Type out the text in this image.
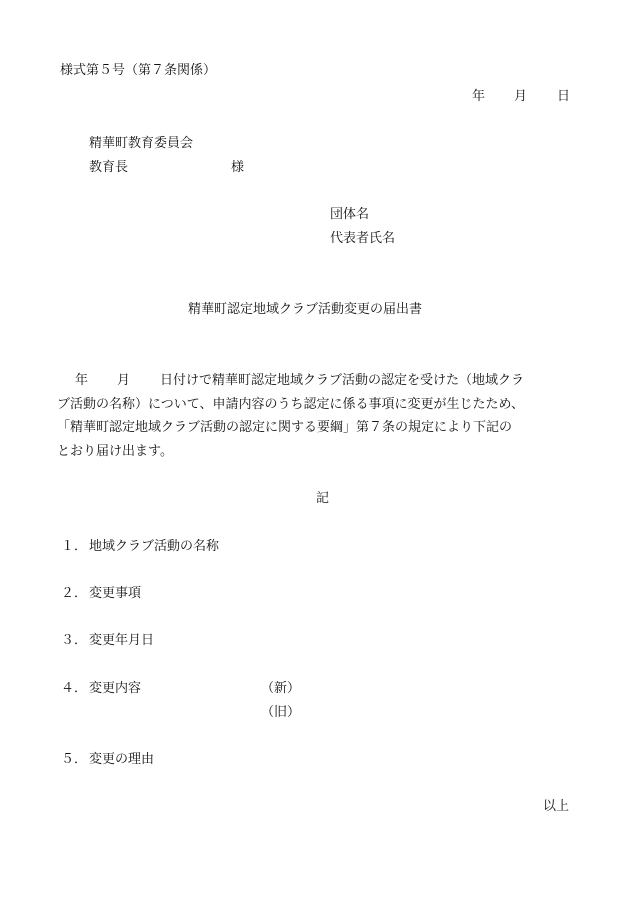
様式第５号（第７条関係）
年 月 日
精華町教育委員会
教育長	様
団体名
代表者氏名
精華町認定地域クラブ活動変更の届出書
年 月 日付けで精華町認定地域クラブ活動の認定を受けた（地域クラ
ブ活動の名称）について、申請内容のうち認定に係る事項に変更が生じたため、
「精華町認定地域クラブ活動の認定に関する要綱」第７条の規定により下記の
とおり届け出ます。
記
１． 地域クラブ活動の名称
２． 変更事項
３． 変更年月日
４． 変更内容	（新）
（旧）
５． 変更の理由
以上
